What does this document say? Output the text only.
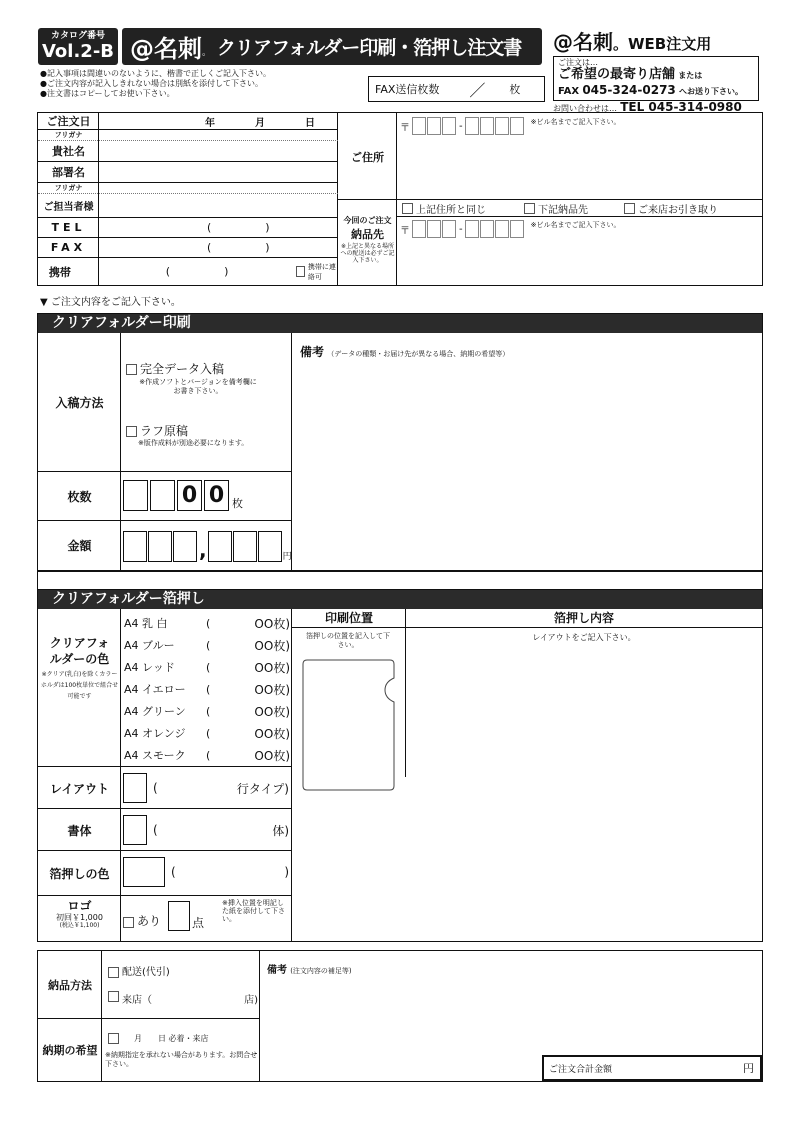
カタログ番号
Vol.2-B @名刺 。 クリアフォルダー印刷・箔押し注文書
●記入事項は間違いのないように、楷書で正しくご記入下さい。
●ご注文内容が記入しきれない場合は別紙を添付して下さい。
●注文書はコピーしてお使い下さい。	FAX送信枚数 ／ 枚
@名刺 。WEB注文用
ご注文は…
ご希望の最寄り店舗 または
FAX 045-324-0273 へお送り下さい。
お問い合わせは… TEL 045-314-0980
ご注文日	年	月	日
フリガナ
貴社名
部署名
フリガナ
ご担当者様
TEL	(	)
FAX	(	)
携帯	(	)	携帯に連絡可
ご住所
〒	-	※ビル名までご記入下さい。
上記住所と同じ	下記納品先	ご来店お引き取り
今回のご注文
納品先
※上記と異なる場所への配送は必ずご記入下さい。
〒	-	※ビル名までご記入下さい。
▼ ご注文内容をご記入下さい。
クリアフォルダー印刷
入稿方法
完全データ入稿
※作成ソフトとバージョンを備考欄にお書き下さい。
ラフ原稿
※版作成料が別途必要になります。
枚数	0 0 枚
金額	,	円
備考 （データの種類・お届け先が異なる場合、納期の希望等）
クリアフォルダー箔押し
クリアフォルダーの色
※クリア(乳白)を除くカラーホルダは100枚単位で組合せ可能です
A4 乳 白	(	OO枚)
A4 ブルー	(	OO枚)
A4 レッド	(	OO枚)
A4 イエロー	(	OO枚)
A4 グリーン	(	OO枚)
A4 オレンジ	(	OO枚)
A4 スモーク	(	OO枚)
印刷位置	箔押し内容
箔押しの位置を記入して下さい。
レイアウトをご記入下さい。
レイアウト	(	行タイプ)
書体	(	体)
箔押しの色	(	)
ロゴ
初回￥1,000
(税込￥1,100)	あり	点
※挿入位置を明記した紙を添付して下さい。
納品方法
配送(代引)
来店（	店)
納期の希望
月　　日 必着・来店
※納期指定を承れない場合があります。お問合せ下さい。
備考 (注文内容の補足等)
ご注文合計金額	円
